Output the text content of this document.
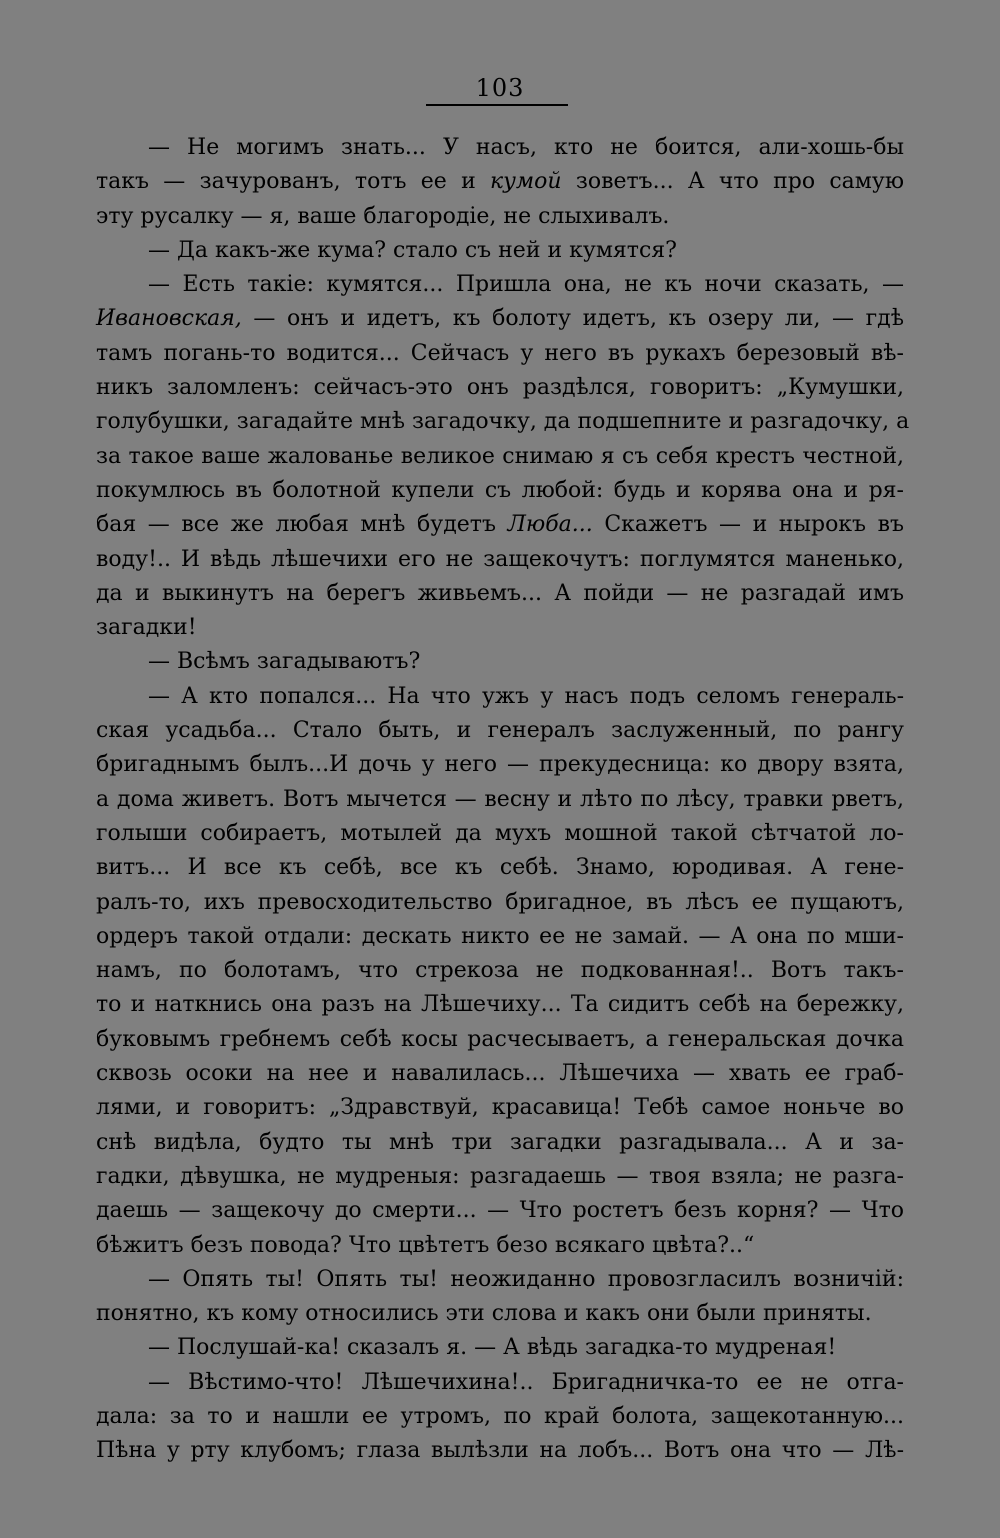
103
— Не могимъ знать... У насъ, кто не боится, али-хошь-бы
такъ — зачурованъ, тотъ ее и кумой зоветъ... А что про самую
эту русалку — я, ваше благородіе, не слыхивалъ.
— Да какъ-же кума? стало съ ней и кумятся?
— Есть такіе: кумятся... Пришла она, не къ ночи сказать, —
Ивановская, — онъ и идетъ, къ болоту идетъ, къ озеру ли, — гдѣ
тамъ погань-то водится... Сейчасъ у него въ рукахъ березовый вѣ-
никъ заломленъ: сейчасъ-это онъ раздѣлся, говоритъ: „Кумушки,
голубушки, загадайте мнѣ загадочку, да подшепните и разгадочку, а
за такое ваше жалованье великое снимаю я съ себя крестъ честной,
покумлюсь въ болотной купели съ любой: будь и корява она и ря-
бая — все же любая мнѣ будетъ Люба... Скажетъ — и нырокъ въ
воду!.. И вѣдь лѣшечихи его не защекочутъ: поглумятся маненько,
да и выкинутъ на берегъ живьемъ... А пойди — не разгадай имъ
загадки!
— Всѣмъ загадываютъ?
— А кто попался... На что ужъ у насъ подъ селомъ генераль-
ская усадьба... Стало быть, и генералъ заслуженный, по рангу
бригаднымъ былъ...И дочь у него — прекудесница: ко двору взята,
а дома живетъ. Вотъ мычется — весну и лѣто по лѣсу, травки рветъ,
голыши собираетъ, мотылей да мухъ мошной такой сѣтчатой ло-
витъ... И все къ себѣ, все къ себѣ. Знамо, юродивая. А гене-
ралъ-то, ихъ превосходительство бригадное, въ лѣсъ ее пущаютъ,
ордеръ такой отдали: дескать никто ее не замай. — А она по мши-
намъ, по болотамъ, что стрекоза не подкованная!.. Вотъ такъ-
то и наткнись она разъ на Лѣшечиху... Та сидитъ себѣ на бережку,
буковымъ гребнемъ себѣ косы расчесываетъ, а генеральская дочка
сквозь осоки на нее и навалилась... Лѣшечиха — хвать ее граб-
лями, и говоритъ: „Здравствуй, красавица! Тебѣ самое ноньче во
снѣ видѣла, будто ты мнѣ три загадки разгадывала... А и за-
гадки, дѣвушка, не мудреныя: разгадаешь — твоя взяла; не разга-
даешь — защекочу до смерти... — Что ростетъ безъ корня? — Что
бѣжитъ безъ повода? Что цвѣтетъ безо всякаго цвѣта?..“
— Опять ты! Опять ты! неожиданно провозгласилъ возничій:
понятно, къ кому относились эти слова и какъ они были приняты.
— Послушай-ка! сказалъ я. — А вѣдь загадка-то мудреная!
— Вѣстимо-что! Лѣшечихина!.. Бригадничка-то ее не отга-
дала: за то и нашли ее утромъ, по край болота, защекотанную...
Пѣна у рту клубомъ; глаза вылѣзли на лобъ... Вотъ она что — Лѣ-
